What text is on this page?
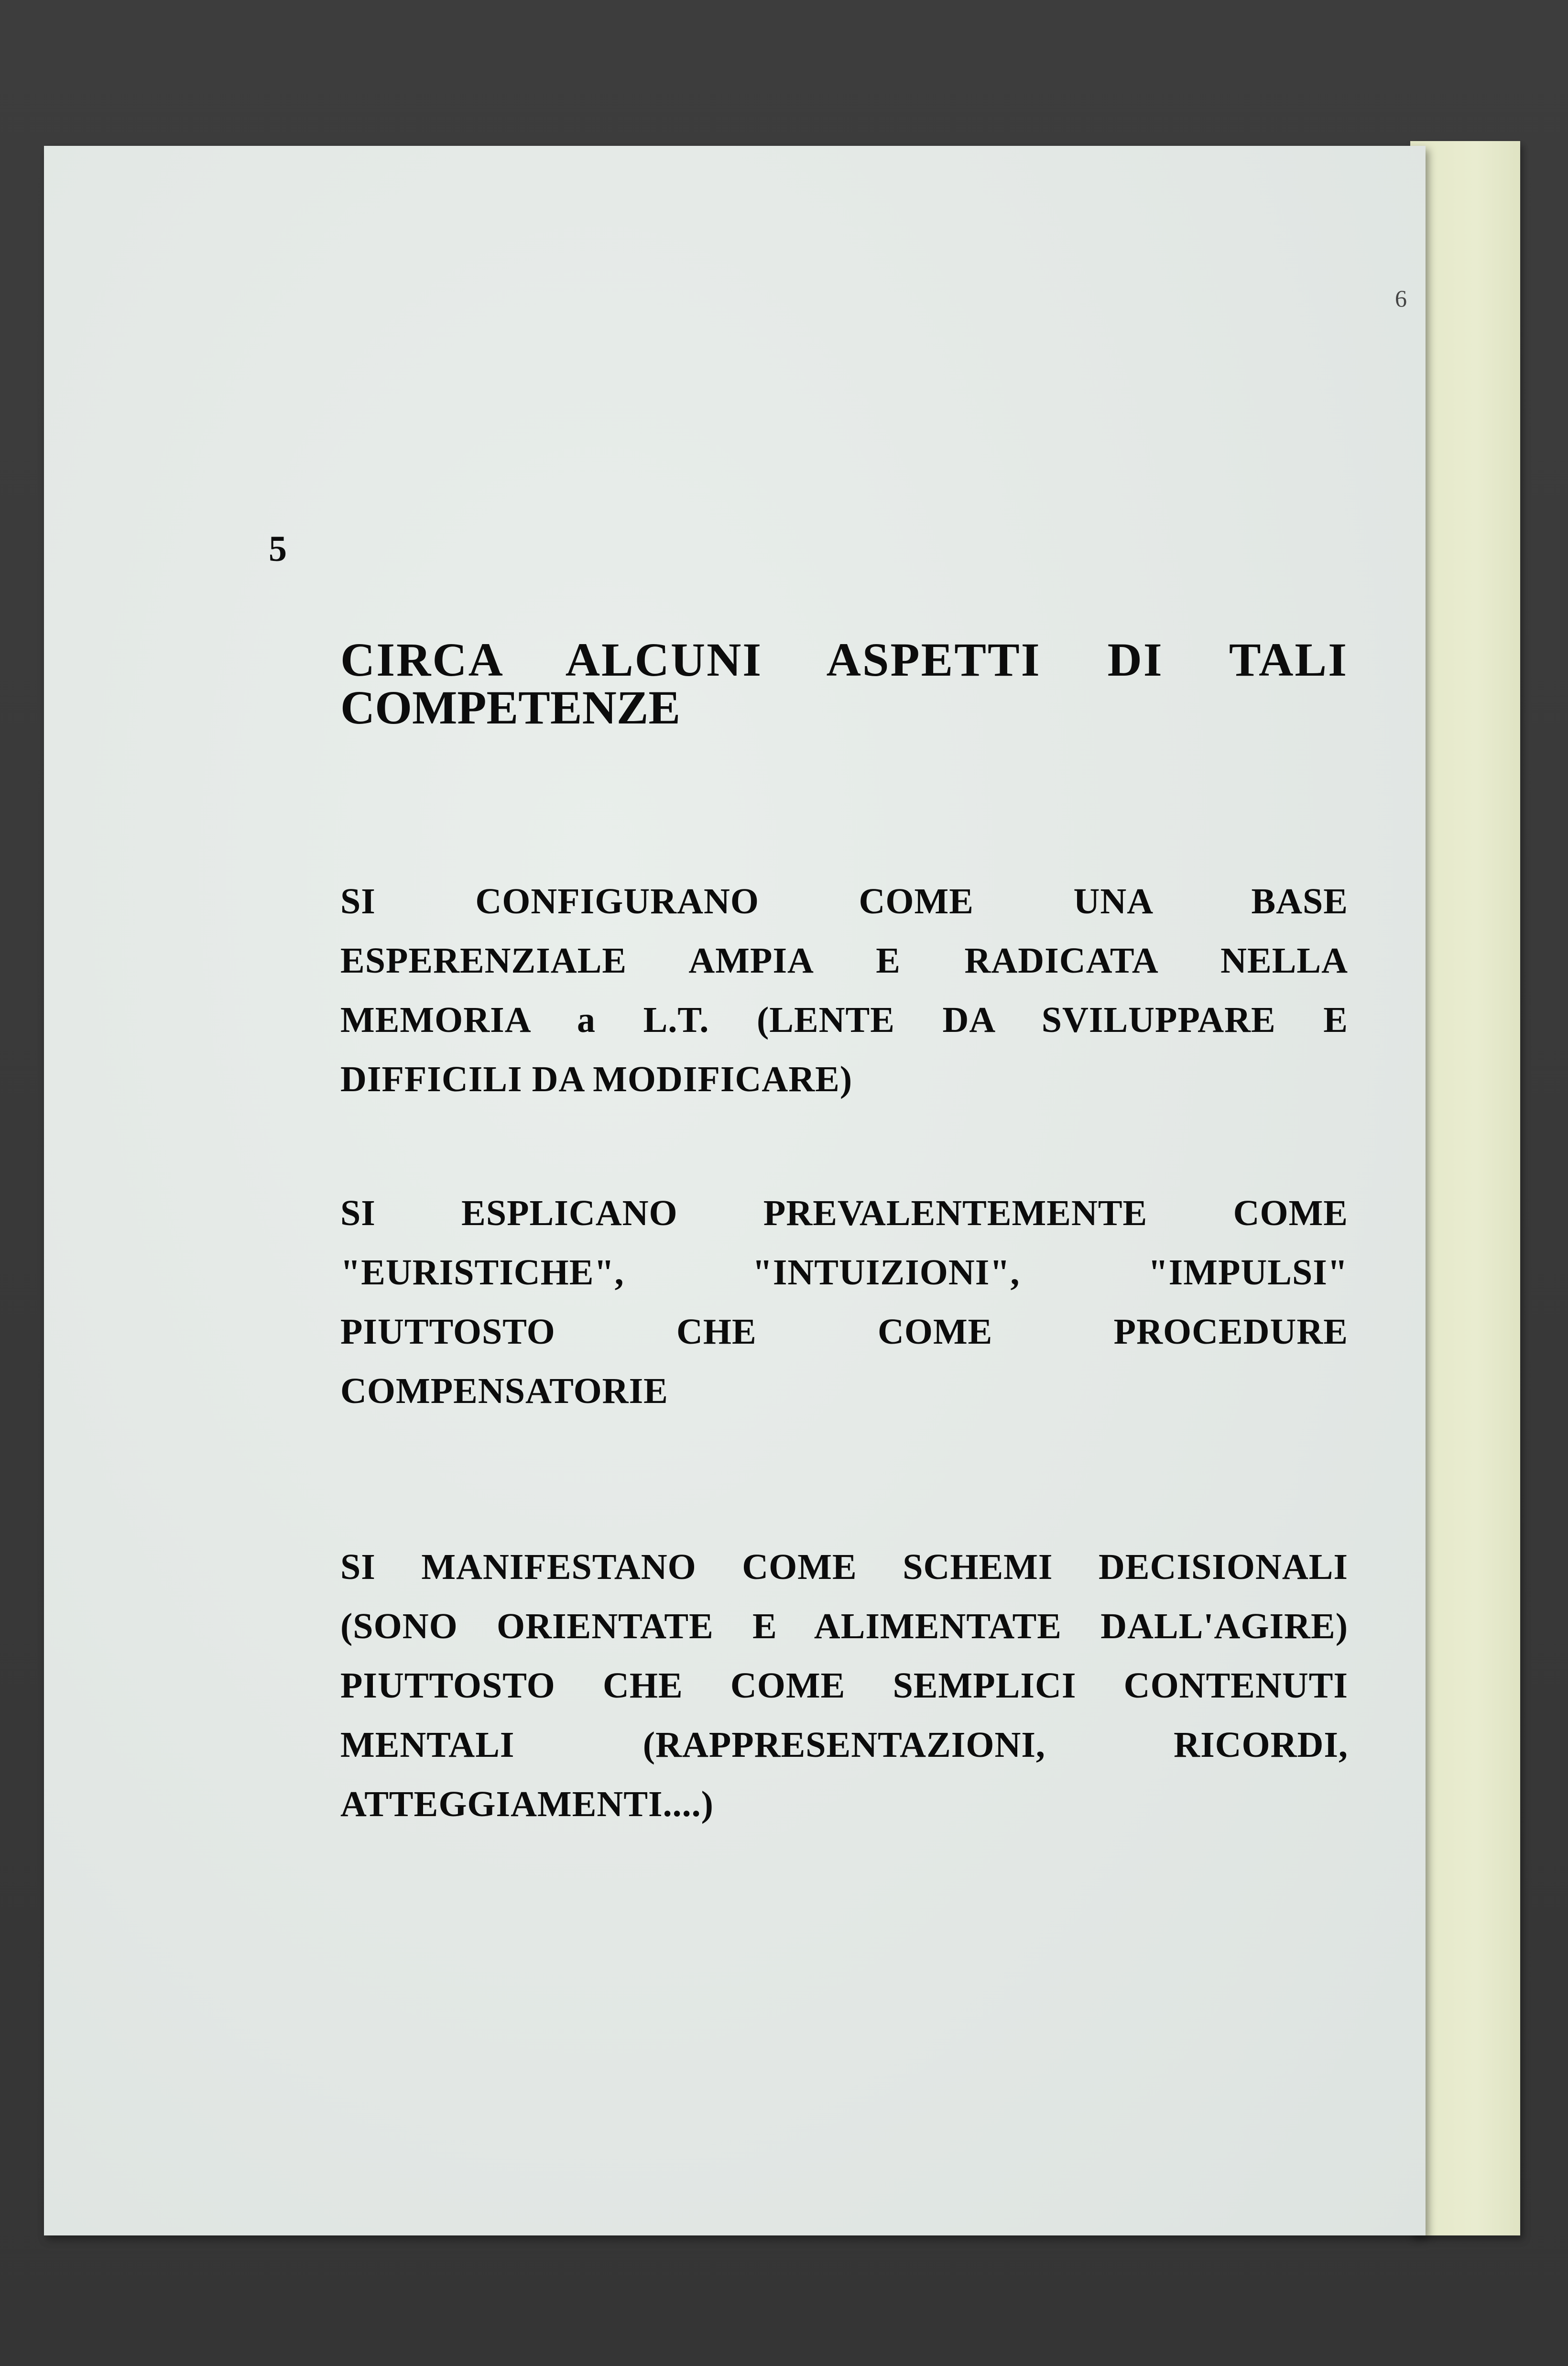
6
5
CIRCA ALCUNI ASPETTI DI TALI
COMPETENZE
SI CONFIGURANO COME UNA BASE
ESPERENZIALE AMPIA E RADICATA NELLA
MEMORIA a L.T. (LENTE DA SVILUPPARE E
DIFFICILI DA MODIFICARE)
SI ESPLICANO PREVALENTEMENTE COME
"EURISTICHE", "INTUIZIONI", "IMPULSI"
PIUTTOSTO CHE COME PROCEDURE
COMPENSATORIE
SI MANIFESTANO COME SCHEMI DECISIONALI
(SONO ORIENTATE E ALIMENTATE DALL'AGIRE)
PIUTTOSTO CHE COME SEMPLICI CONTENUTI
MENTALI (RAPPRESENTAZIONI, RICORDI,
ATTEGGIAMENTI....)
